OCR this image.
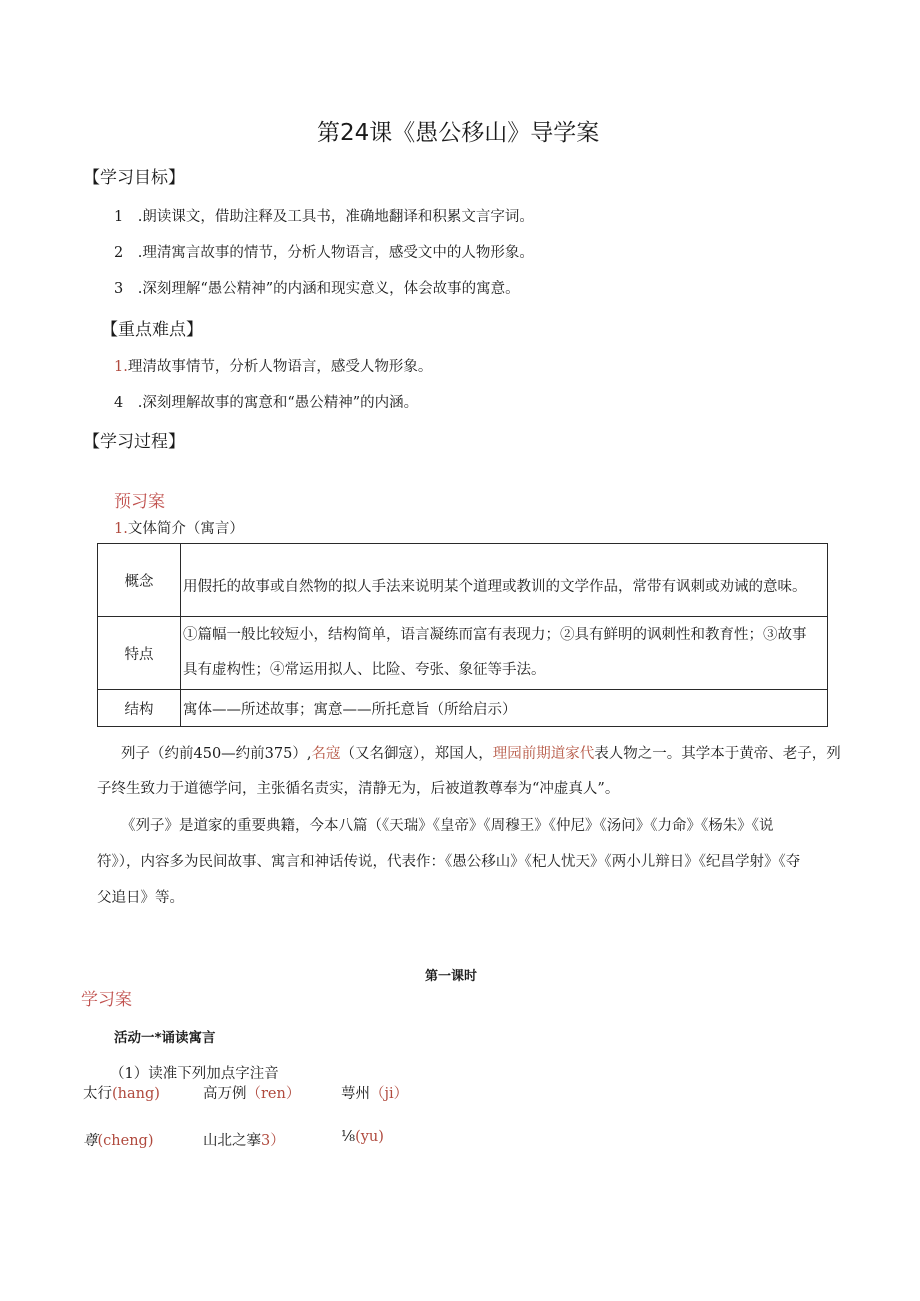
第24课《愚公移山》导学案
【学习目标】
1　.朗读课文，借助注释及工具书，准确地翻译和积累文言字词。
2　.理清寓言故事的情节，分析人物语言，感受文中的人物形象。
3　.深刻理解“愚公精神”的内涵和现实意义，体会故事的寓意。
【重点难点】
1.理清故事情节，分析人物语言，感受人物形象。
4　.深刻理解故事的寓意和“愚公精神”的内涵。
【学习过程】
预习案
1.文体简介（寓言）
概念	用假托的故事或自然物的拟人手法来说明某个道理或教训的文学作品，常带有讽刺或劝诫的意味。

特点	①篇幅一般比较短小，结构简单，语言凝练而富有表现力；②具有鲜明的讽刺性和教育性；③故事
具有虚构性；④常运用拟人、比险、夸张、象征等手法。

结构	寓体——所述故事；寓意——所托意旨（所给启示）
列子（约前450—约前375）,名寇（又名御寇），郑国人，理园前期道家代表人物之一。其学本于黄帝、老子，列
子终生致力于道德学问，主张循名责实，清静无为，后被道教尊奉为“冲虚真人”。
《列子》是道家的重要典籍，今本八篇（《天瑞》《皇帝》《周穆王》《仲尼》《汤问》《力命》《杨朱》《说
符》），内容多为民间故事、寓言和神话传说，代表作：《愚公移山》《杞人忧天》《两小儿辩日》《纪昌学射》《夺
父追日》等。
第一课时
学习案
活动一*诵读寓言
（1）读准下列加点字注音
太行(hang)	高万例（ren）	萼州（ji）
尊(cheng)	山北之搴3）	⅛(yu)
